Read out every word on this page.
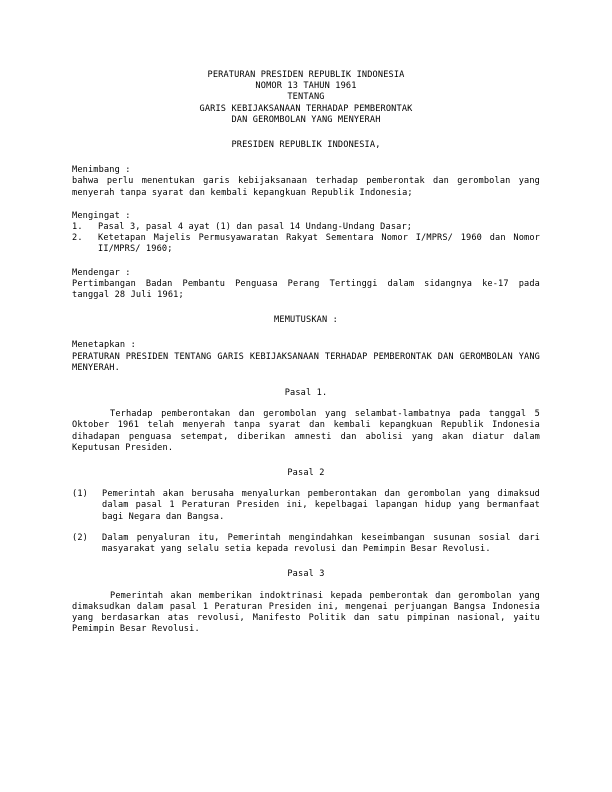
PERATURAN PRESIDEN REPUBLIK INDONESIA
NOMOR 13 TAHUN 1961
TENTANG
GARIS KEBIJAKSANAAN TERHADAP PEMBERONTAK
DAN GEROMBOLAN YANG MENYERAH
PRESIDEN REPUBLIK INDONESIA,

Menimbang :

bahwa perlu menentukan garis kebijaksanaan terhadap pemberontak dan gerombolan yang menyerah tanpa syarat dan kembali kepangkuan Republik Indonesia;

Mengingat :

1.	Pasal 3, pasal 4 ayat (1) dan pasal 14 Undang-Undang Dasar;
2.	Ketetapan Majelis Permusyawaratan Rakyat Sementara Nomor I/MPRS/ 1960 dan Nomor II/MPRS/ 1960;

Mendengar :

Pertimbangan Badan Pembantu Penguasa Perang Tertinggi dalam sidangnya ke-17 pada tanggal 28 Juli 1961;

MEMUTUSKAN :

Menetapkan :

PERATURAN PRESIDEN TENTANG GARIS KEBIJAKSANAAN TERHADAP PEMBERONTAK DAN GEROMBOLAN YANG MENYERAH.

Pasal 1.

Terhadap pemberontakan dan gerombolan yang selambat-lambatnya pada tanggal 5 Oktober 1961 telah menyerah tanpa syarat dan kembali kepangkuan Republik Indonesia dihadapan penguasa setempat, diberikan amnesti dan abolisi yang akan diatur dalam Keputusan Presiden.

Pasal 2

(1)	Pemerintah akan berusaha menyalurkan pemberontakan dan gerombolan yang dimaksud dalam pasal 1 Peraturan Presiden ini, kepelbagai lapangan hidup yang bermanfaat bagi Negara dan Bangsa.
(2)	Dalam penyaluran itu, Pemerintah mengindahkan keseimbangan susunan sosial dari masyarakat yang selalu setia kepada revolusi dan Pemimpin Besar Revolusi.

Pasal 3

Pemerintah akan memberikan indoktrinasi kepada pemberontak dan gerombolan yang dimaksudkan dalam pasal 1 Peraturan Presiden ini, mengenai perjuangan Bangsa Indonesia yang berdasarkan atas revolusi, Manifesto Politik dan satu pimpinan nasional, yaitu Pemimpin Besar Revolusi.
